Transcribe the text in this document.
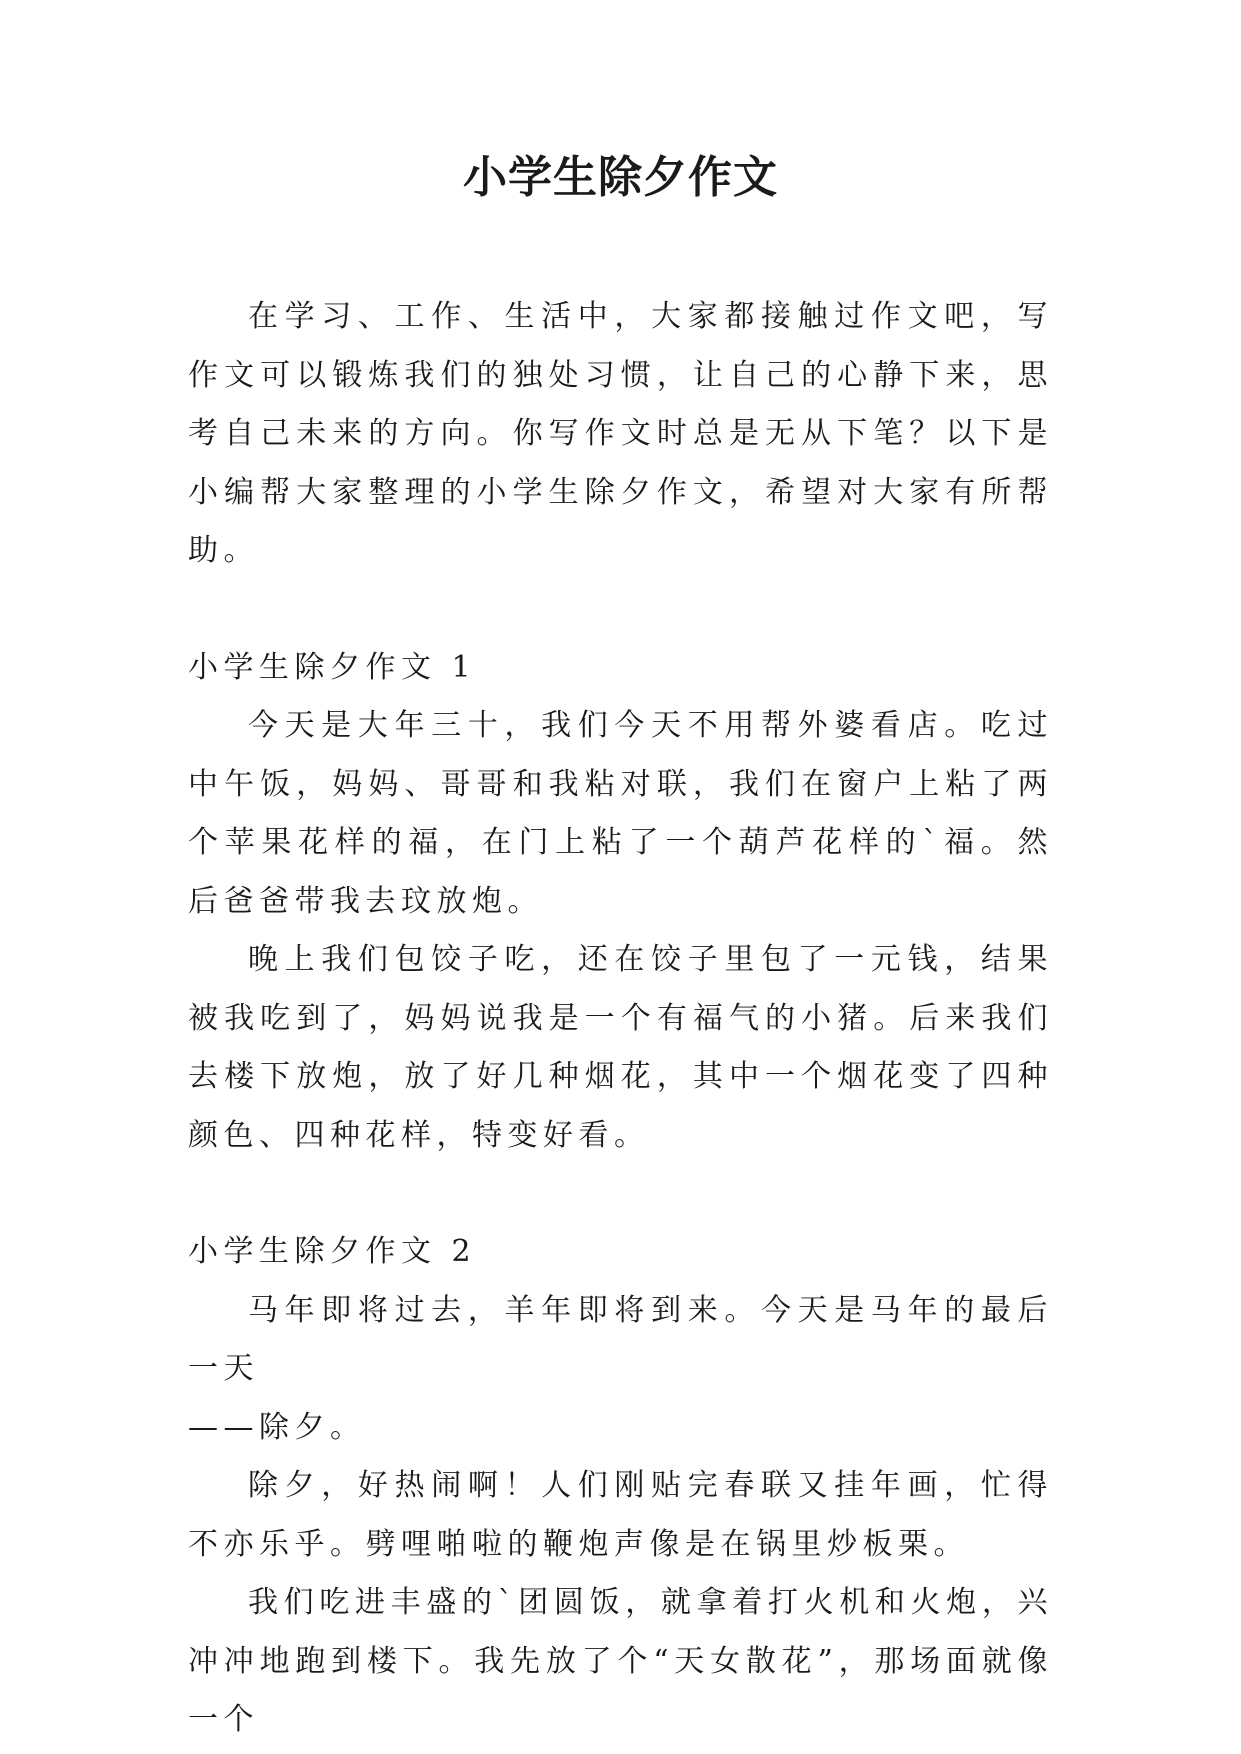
小学生除夕作文

在学习、工作、生活中，大家都接触过作文吧，写作文可以锻炼我们的独处习惯，让自己的心静下来，思考自己未来的方向。你写作文时总是无从下笔？以下是小编帮大家整理的小学生除夕作文，希望对大家有所帮助。

小学生除夕作文 1

今天是大年三十，我们今天不用帮外婆看店。吃过中午饭，妈妈、哥哥和我粘对联，我们在窗户上粘了两个苹果花样的福，在门上粘了一个葫芦花样的`福。然后爸爸带我去玟放炮。

晚上我们包饺子吃，还在饺子里包了一元钱，结果被我吃到了，妈妈说我是一个有福气的小猪。后来我们去楼下放炮，放了好几种烟花，其中一个烟花变了四种颜色、四种花样，特变好看。

小学生除夕作文 2

马年即将过去，羊年即将到来。今天是马年的最后一天

——除夕。

除夕，好热闹啊！人们刚贴完春联又挂年画，忙得不亦乐乎。劈哩啪啦的鞭炮声像是在锅里炒板栗。

我们吃进丰盛的`团圆饭，就拿着打火机和火炮，兴冲冲地跑到楼下。我先放了个“天女散花”，那场面就像一个
